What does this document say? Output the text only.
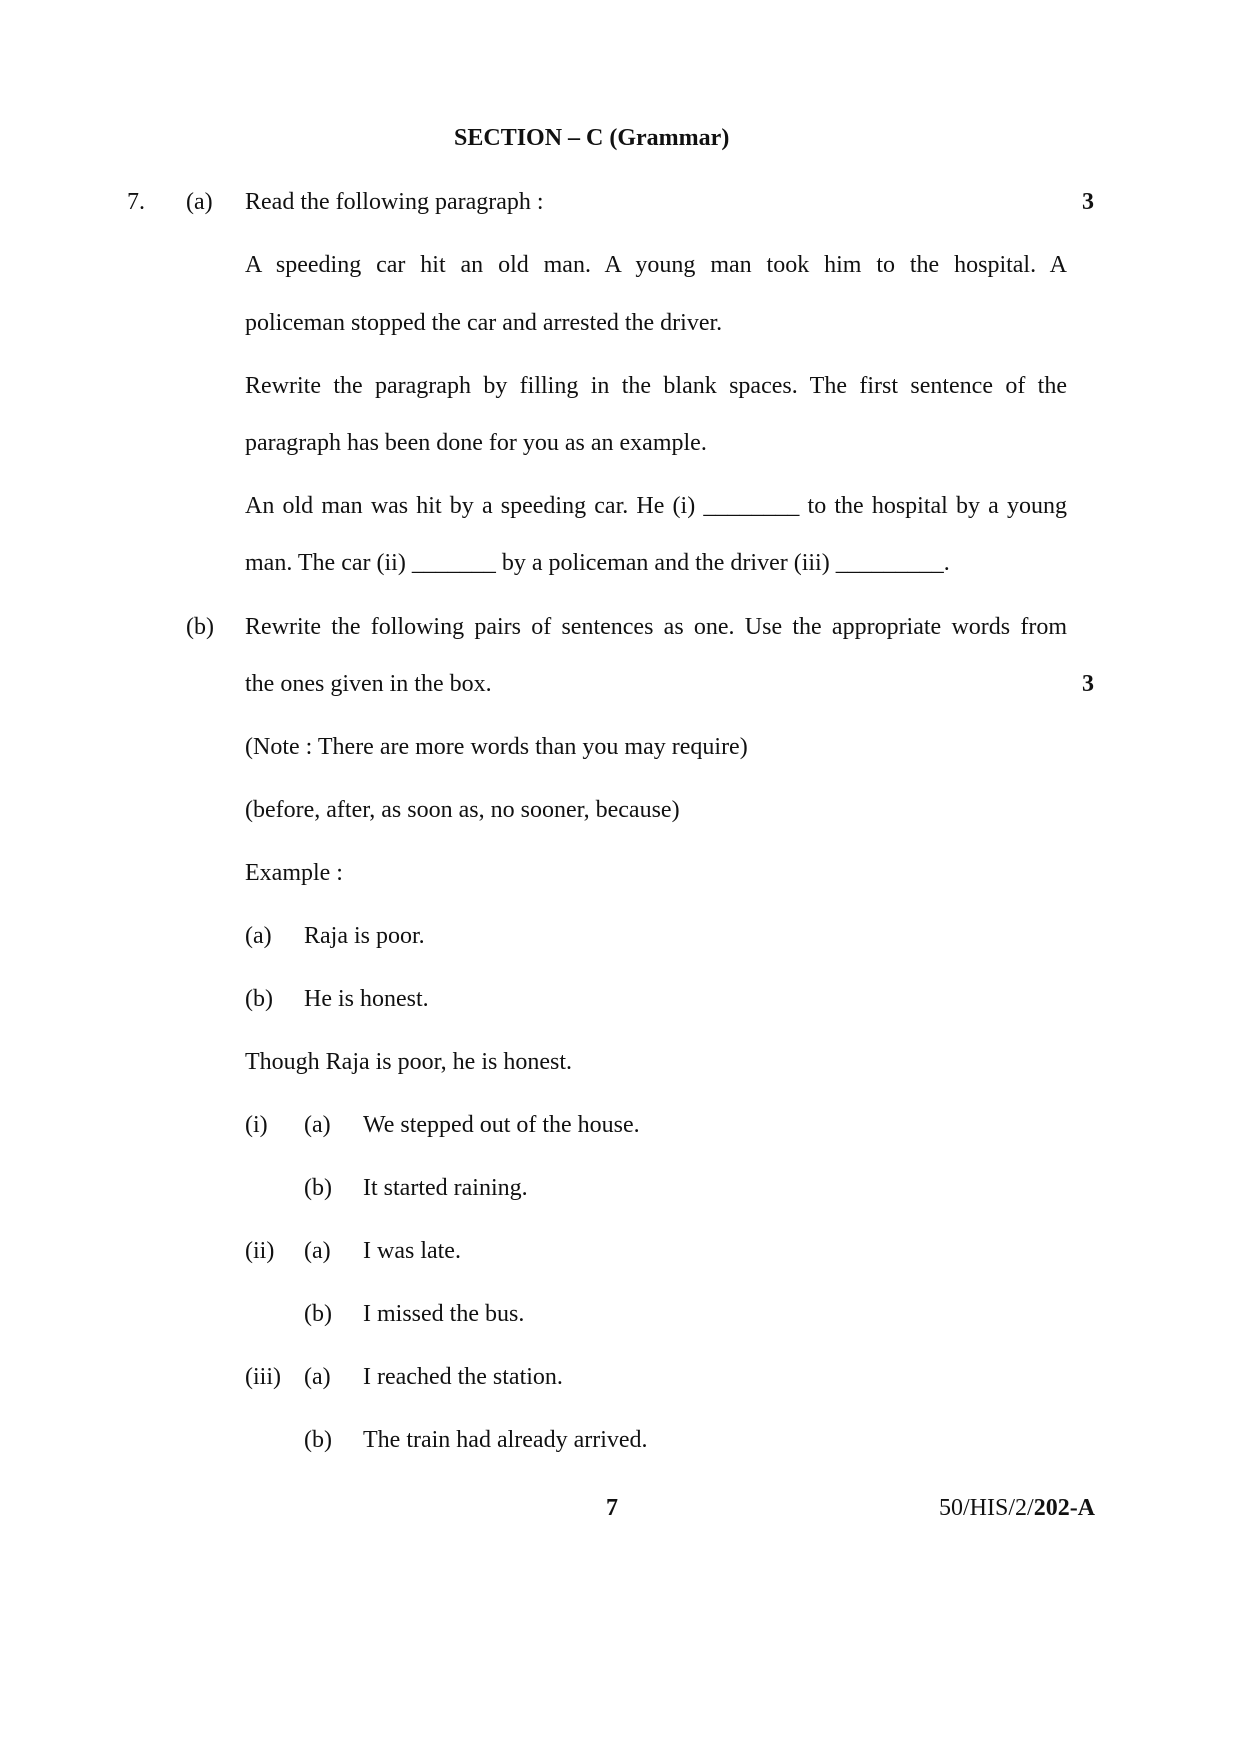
SECTION – C (Grammar)
7. (a) Read the following paragraph :	3
A speeding car hit an old man. A young man took him to the hospital. A
policeman stopped the car and arrested the driver.
Rewrite the paragraph by filling in the blank spaces. The first sentence of the
paragraph has been done for you as an example.
An old man was hit by a speeding car. He (i) ________ to the hospital by a young
man. The car (ii) _______ by a policeman and the driver (iii) _________.
(b) Rewrite the following pairs of sentences as one. Use the appropriate words from
the ones given in the box.	3
(Note : There are more words than you may require)
(before, after, as soon as, no sooner, because)
Example :
(a) Raja is poor.
(b) He is honest.
Though Raja is poor, he is honest.
(i) (a) We stepped out of the house.
(b) It started raining.
(ii) (a) I was late.
(b) I missed the bus.
(iii) (a) I reached the station.
(b) The train had already arrived.
7	50/HIS/2/202-A
